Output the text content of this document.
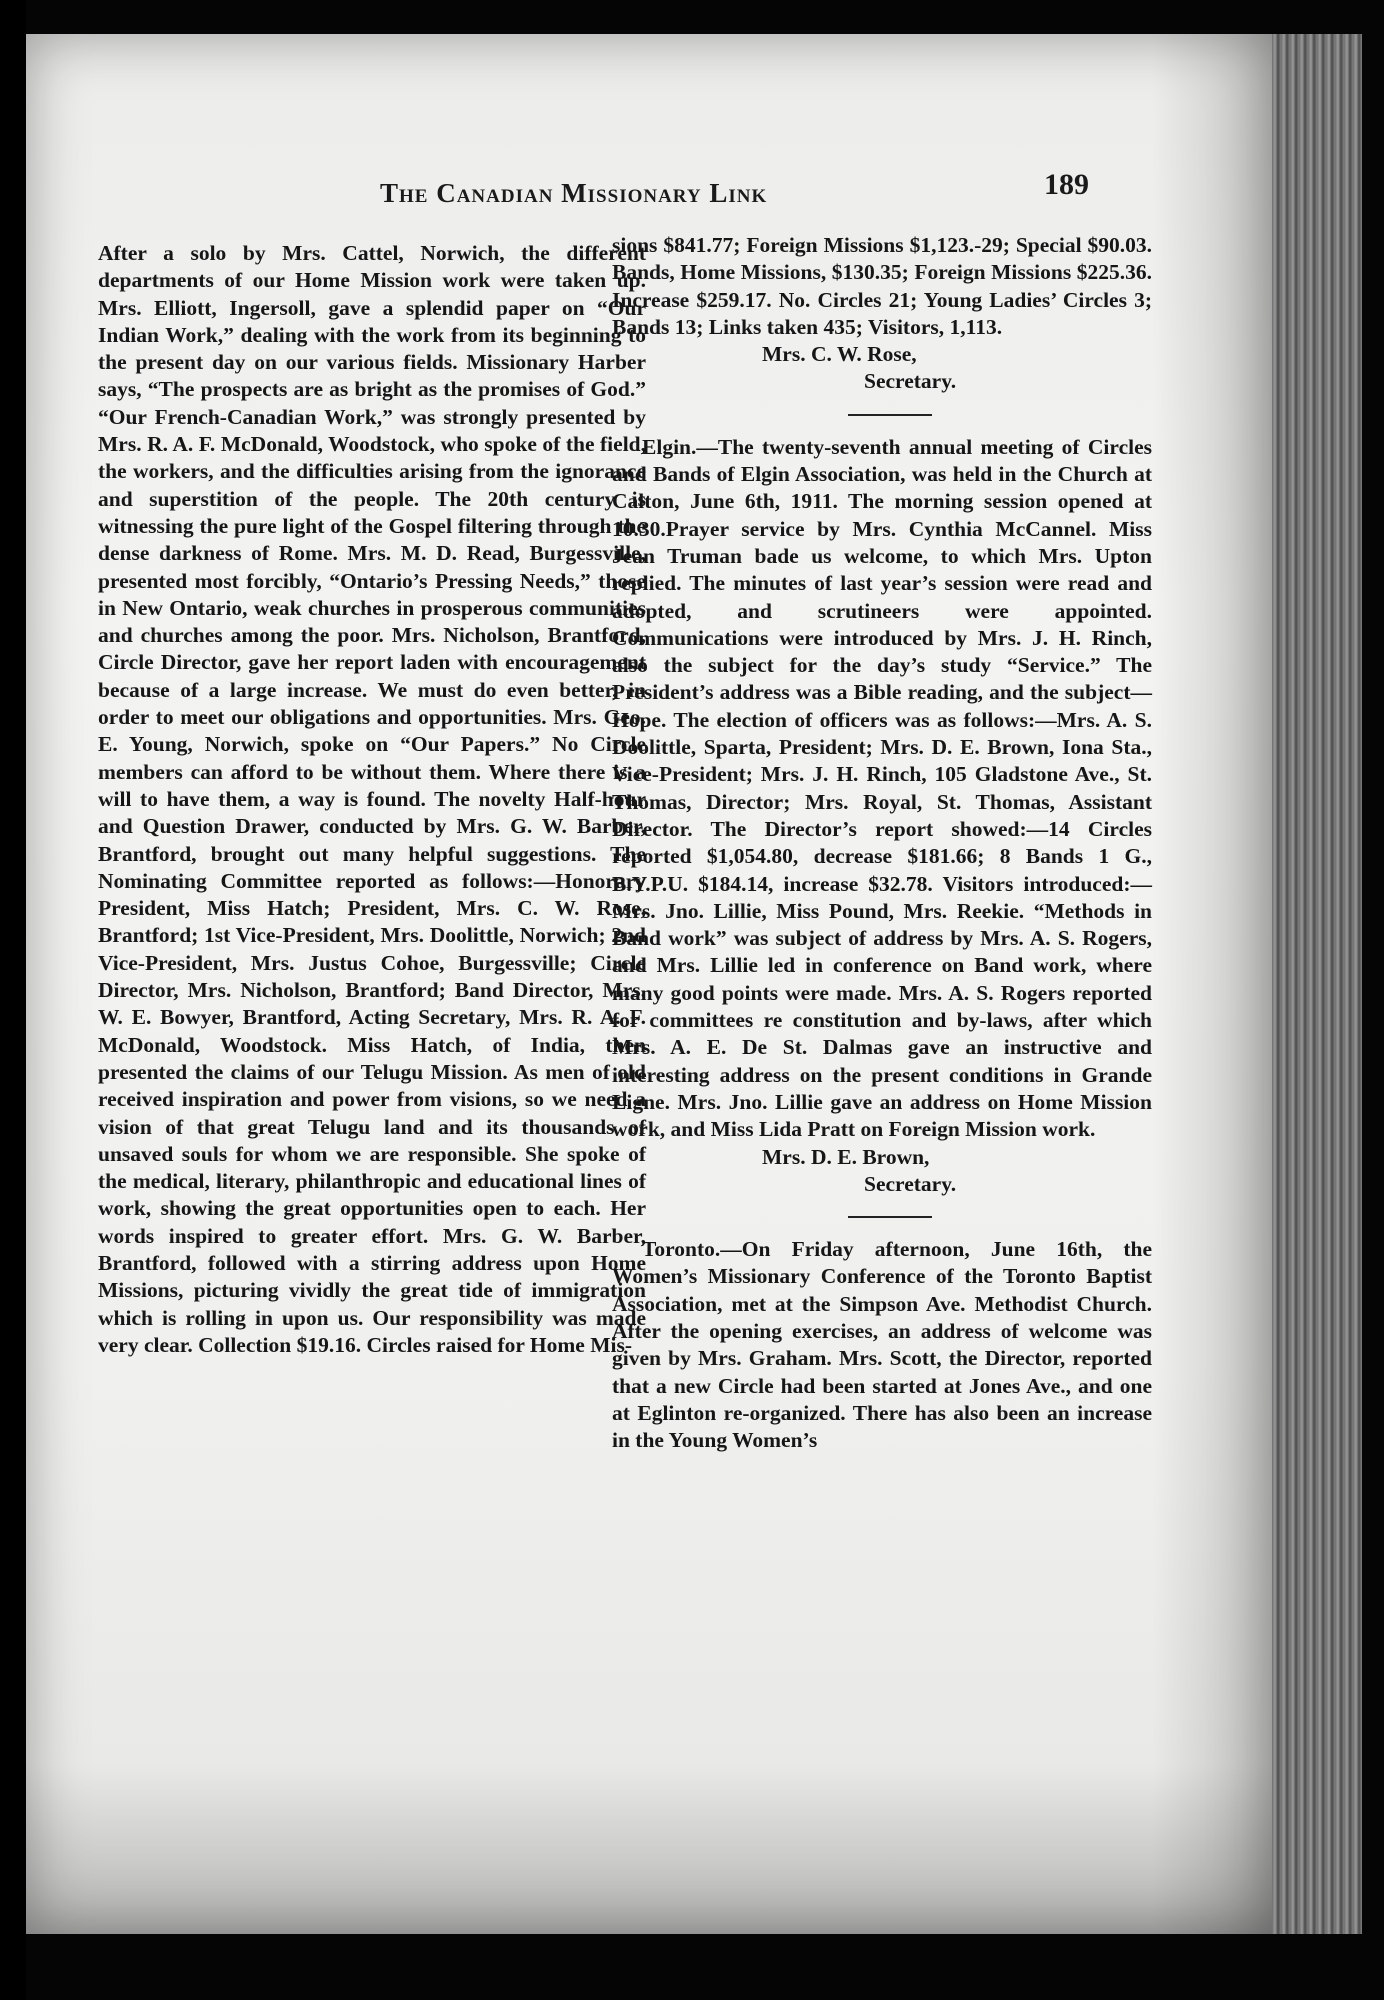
The Canadian Missionary Link	189

After a solo by Mrs. Cattel, Norwich, the different departments of our Home Mission work were taken up. Mrs. Elliott, Ingersoll, gave a splendid paper on “Our Indian Work,” dealing with the work from its beginning to the present day on our various fields. Missionary Harber says, “The prospects are as bright as the promises of God.” “Our French-Canadian Work,” was strongly presented by Mrs. R. A. F. McDonald, Woodstock, who spoke of the field, the workers, and the difficulties arising from the ignorance and superstition of the people. The 20th century is witnessing the pure light of the Gospel filtering through the dense darkness of Rome. Mrs. M. D. Read, Burgessville, presented most forcibly, “Ontario’s Pressing Needs,” those in New Ontario, weak churches in prosperous communities and churches among the poor. Mrs. Nicholson, Brantford, Circle Director, gave her report laden with encouragement because of a large increase. We must do even better, in order to meet our obligations and opportunities. Mrs. Geo. E. Young, Norwich, spoke on “Our Papers.” No Circle members can afford to be without them. Where there is a will to have them, a way is found. The novelty Half-hour and Question Drawer, conducted by Mrs. G. W. Barber, Brantford, brought out many helpful suggestions. The Nominating Committee reported as follows:—Honorary President, Miss Hatch; President, Mrs. C. W. Rose, Brantford; 1st Vice-President, Mrs. Doolittle, Norwich; 2nd Vice-President, Mrs. Justus Cohoe, Burgessville; Circle Director, Mrs. Nicholson, Brantford; Band Director, Mrs. W. E. Bowyer, Brantford, Acting Secretary, Mrs. R. A. F. McDonald, Woodstock. Miss Hatch, of India, then presented the claims of our Telugu Mission. As men of old received inspiration and power from visions, so we need a vision of that great Telugu land and its thousands of unsaved souls for whom we are responsible. She spoke of the medical, literary, philanthropic and educational lines of work, showing the great opportunities open to each. Her words inspired to greater effort. Mrs. G. W. Barber, Brantford, followed with a stirring address upon Home Missions, picturing vividly the great tide of immigration which is rolling in upon us. Our responsibility was made very clear. Collection $19.16. Circles raised for Home Mis-

sions $841.77; Foreign Missions $1,123.-29; Special $90.03. Bands, Home Missions, $130.35; Foreign Missions $225.36. Increase $259.17. No. Circles 21; Young Ladies’ Circles 3; Bands 13; Links taken 435; Visitors, 1,113.

Mrs. C. W. Rose,

Secretary.

Elgin.—The twenty-seventh annual meeting of Circles and Bands of Elgin Association, was held in the Church at Calton, June 6th, 1911. The morning session opened at 10.30.Prayer service by Mrs. Cynthia McCannel. Miss Jean Truman bade us welcome, to which Mrs. Upton replied. The minutes of last year’s session were read and adopted, and scrutineers were appointed. Communications were introduced by Mrs. J. H. Rinch, also the subject for the day’s study “Service.” The President’s address was a Bible reading, and the subject—Hope. The election of officers was as follows:—Mrs. A. S. Doolittle, Sparta, President; Mrs. D. E. Brown, Iona Sta., Vice-President; Mrs. J. H. Rinch, 105 Gladstone Ave., St. Thomas, Director; Mrs. Royal, St. Thomas, Assistant Director. The Director’s report showed:—14 Circles reported $1,054.80, decrease $181.66; 8 Bands 1 G., B.Y.P.U. $184.14, increase $32.78. Visitors introduced:—Mrs. Jno. Lillie, Miss Pound, Mrs. Reekie. “Methods in Band work” was subject of address by Mrs. A. S. Rogers, and Mrs. Lillie led in conference on Band work, where many good points were made. Mrs. A. S. Rogers reported for committees re constitution and by-laws, after which Mrs. A. E. De St. Dalmas gave an instructive and interesting address on the present conditions in Grande Ligne. Mrs. Jno. Lillie gave an address on Home Mission work, and Miss Lida Pratt on Foreign Mission work.

Mrs. D. E. Brown,

Secretary.

Toronto.—On Friday afternoon, June 16th, the Women’s Missionary Conference of the Toronto Baptist Association, met at the Simpson Ave. Methodist Church. After the opening exercises, an address of welcome was given by Mrs. Graham. Mrs. Scott, the Director, reported that a new Circle had been started at Jones Ave., and one at Eglinton re-organized. There has also been an increase in the Young Women’s
